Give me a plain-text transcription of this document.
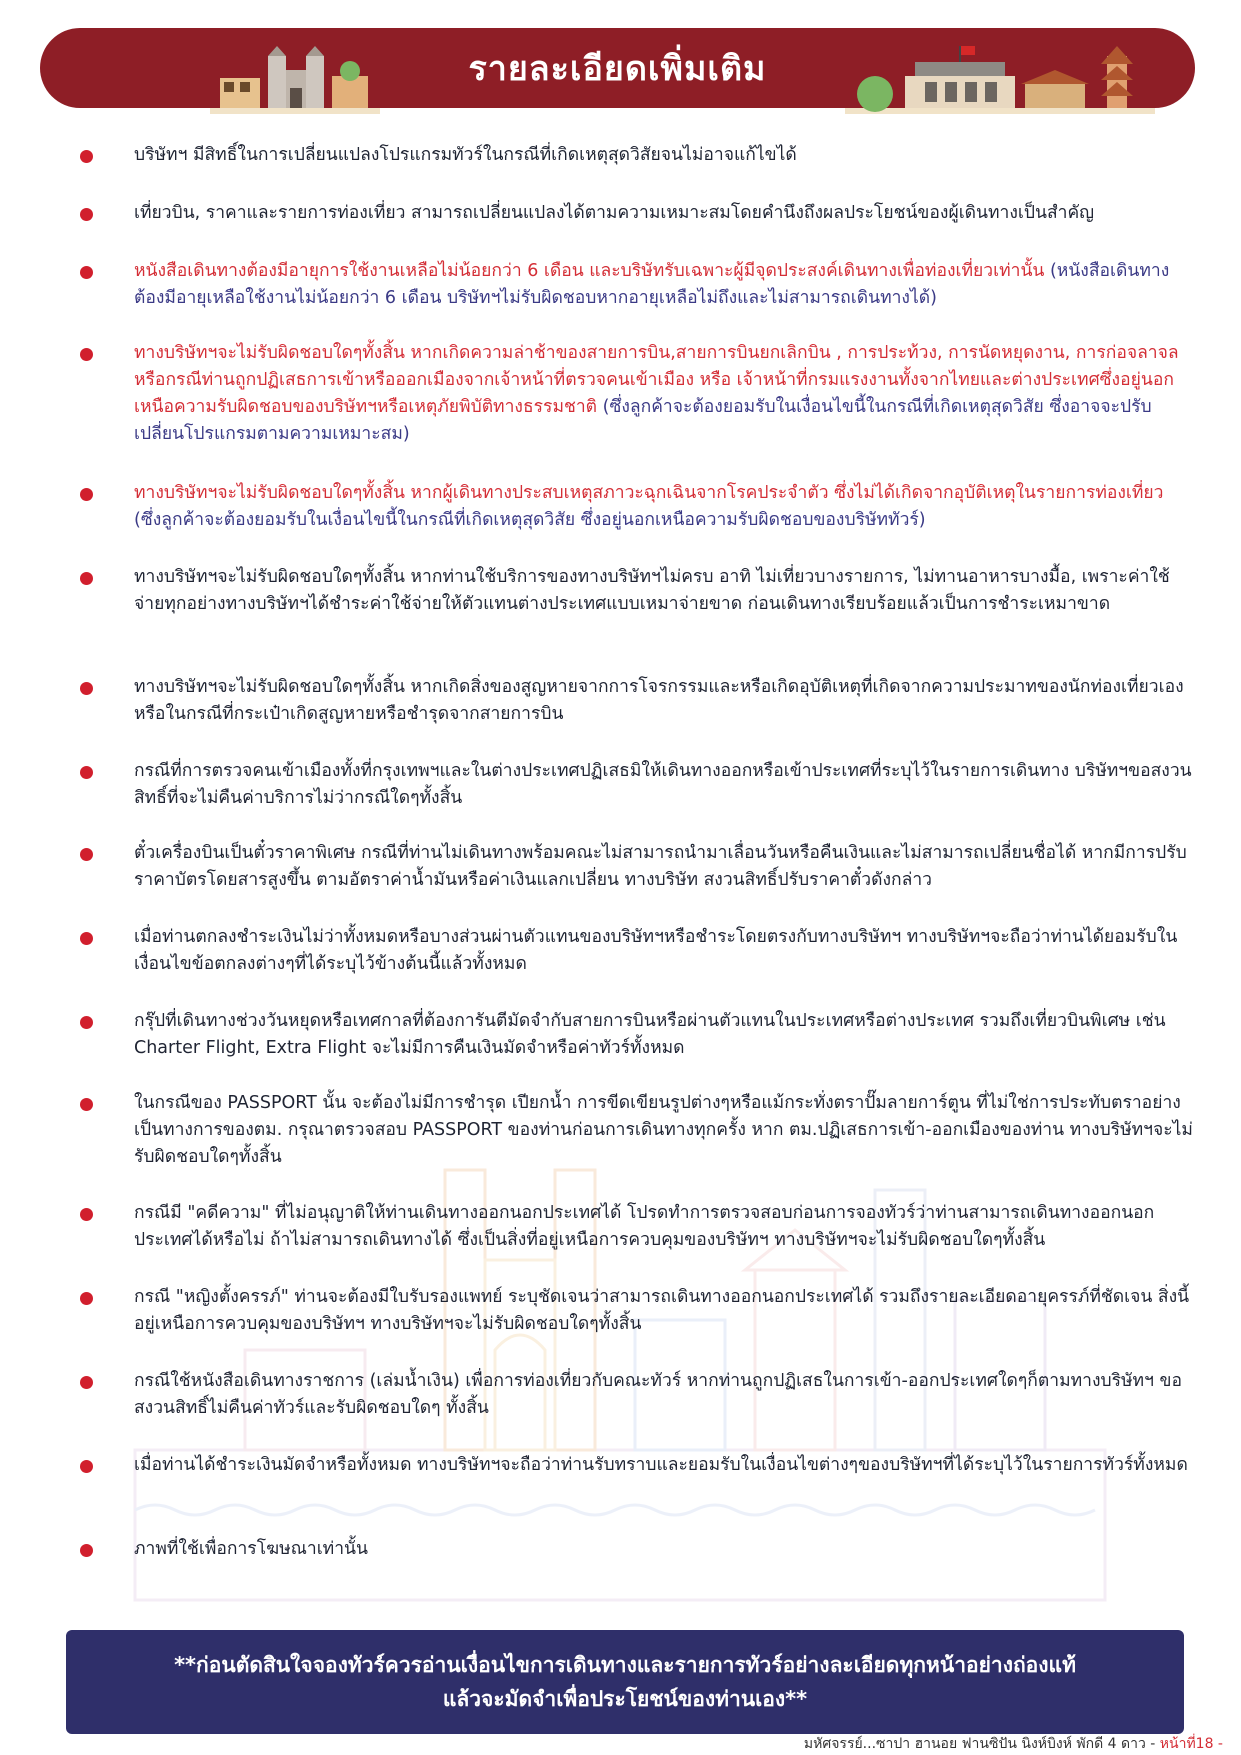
รายละเอียดเพิ่มเติม
บริษัทฯ มีสิทธิ์ในการเปลี่ยนแปลงโปรแกรมทัวร์ในกรณีที่เกิดเหตุสุดวิสัยจนไม่อาจแก้ไขได้
เที่ยวบิน, ราคาและรายการท่องเที่ยว สามารถเปลี่ยนแปลงได้ตามความเหมาะสมโดยคำนึงถึงผลประโยชน์ของผู้เดินทางเป็นสำคัญ
หนังสือเดินทางต้องมีอายุการใช้งานเหลือไม่น้อยกว่า 6 เดือน และบริษัทรับเฉพาะผู้มีจุดประสงค์เดินทางเพื่อท่องเที่ยวเท่านั้น (หนังสือเดินทางต้องมีอายุเหลือใช้งานไม่น้อยกว่า 6 เดือน บริษัทฯไม่รับผิดชอบหากอายุเหลือไม่ถึงและไม่สามารถเดินทางได้)
ทางบริษัทฯจะไม่รับผิดชอบใดๆทั้งสิ้น หากเกิดความล่าช้าของสายการบิน,สายการบินยกเลิกบิน , การประท้วง, การนัดหยุดงาน, การก่อจลาจลหรือกรณีท่านถูกปฏิเสธการเข้าหรือออกเมืองจากเจ้าหน้าที่ตรวจคนเข้าเมือง หรือ เจ้าหน้าที่กรมแรงงานทั้งจากไทยและต่างประเทศซึ่งอยู่นอกเหนือความรับผิดชอบของบริษัทฯหรือเหตุภัยพิบัติทางธรรมชาติ (ซึ่งลูกค้าจะต้องยอมรับในเงื่อนไขนี้ในกรณีที่เกิดเหตุสุดวิสัย ซึ่งอาจจะปรับเปลี่ยนโปรแกรมตามความเหมาะสม)
ทางบริษัทฯจะไม่รับผิดชอบใดๆทั้งสิ้น หากผู้เดินทางประสบเหตุสภาวะฉุกเฉินจากโรคประจำตัว ซึ่งไม่ได้เกิดจากอุบัติเหตุในรายการท่องเที่ยว (ซึ่งลูกค้าจะต้องยอมรับในเงื่อนไขนี้ในกรณีที่เกิดเหตุสุดวิสัย ซึ่งอยู่นอกเหนือความรับผิดชอบของบริษัททัวร์)
ทางบริษัทฯจะไม่รับผิดชอบใดๆทั้งสิ้น หากท่านใช้บริการของทางบริษัทฯไม่ครบ อาทิ ไม่เที่ยวบางรายการ, ไม่ทานอาหารบางมื้อ, เพราะค่าใช้จ่ายทุกอย่างทางบริษัทฯได้ชำระค่าใช้จ่ายให้ตัวแทนต่างประเทศแบบเหมาจ่ายขาด ก่อนเดินทางเรียบร้อยแล้วเป็นการชำระเหมาขาด
ทางบริษัทฯจะไม่รับผิดชอบใดๆทั้งสิ้น หากเกิดสิ่งของสูญหายจากการโจรกรรมและหรือเกิดอุบัติเหตุที่เกิดจากความประมาทของนักท่องเที่ยวเองหรือในกรณีที่กระเป๋าเกิดสูญหายหรือชำรุดจากสายการบิน
กรณีที่การตรวจคนเข้าเมืองทั้งที่กรุงเทพฯและในต่างประเทศปฏิเสธมิให้เดินทางออกหรือเข้าประเทศที่ระบุไว้ในรายการเดินทาง บริษัทฯขอสงวนสิทธิ์ที่จะไม่คืนค่าบริการไม่ว่ากรณีใดๆทั้งสิ้น
ตั๋วเครื่องบินเป็นตั๋วราคาพิเศษ กรณีที่ท่านไม่เดินทางพร้อมคณะไม่สามารถนำมาเลื่อนวันหรือคืนเงินและไม่สามารถเปลี่ยนชื่อได้ หากมีการปรับราคาบัตรโดยสารสูงขึ้น ตามอัตราค่าน้ำมันหรือค่าเงินแลกเปลี่ยน ทางบริษัท สงวนสิทธิ์ปรับราคาตั๋วดังกล่าว
เมื่อท่านตกลงชำระเงินไม่ว่าทั้งหมดหรือบางส่วนผ่านตัวแทนของบริษัทฯหรือชำระโดยตรงกับทางบริษัทฯ ทางบริษัทฯจะถือว่าท่านได้ยอมรับในเงื่อนไขข้อตกลงต่างๆที่ได้ระบุไว้ข้างต้นนี้แล้วทั้งหมด
กรุ๊ปที่เดินทางช่วงวันหยุดหรือเทศกาลที่ต้องการันตีมัดจำกับสายการบินหรือผ่านตัวแทนในประเทศหรือต่างประเทศ รวมถึงเที่ยวบินพิเศษ เช่น Charter Flight, Extra Flight จะไม่มีการคืนเงินมัดจำหรือค่าทัวร์ทั้งหมด
ในกรณีของ PASSPORT นั้น จะต้องไม่มีการชำรุด เปียกน้ำ การขีดเขียนรูปต่างๆหรือแม้กระทั่งตราปั๊มลายการ์ตูน ที่ไม่ใช่การประทับตราอย่างเป็นทางการของตม. กรุณาตรวจสอบ PASSPORT ของท่านก่อนการเดินทางทุกครั้ง หาก ตม.ปฏิเสธการเข้า-ออกเมืองของท่าน ทางบริษัทฯจะไม่รับผิดชอบใดๆทั้งสิ้น
กรณีมี "คดีความ" ที่ไม่อนุญาติให้ท่านเดินทางออกนอกประเทศได้ โปรดทำการตรวจสอบก่อนการจองทัวร์ว่าท่านสามารถเดินทางออกนอกประเทศได้หรือไม่ ถ้าไม่สามารถเดินทางได้ ซึ่งเป็นสิ่งที่อยู่เหนือการควบคุมของบริษัทฯ ทางบริษัทฯจะไม่รับผิดชอบใดๆทั้งสิ้น
กรณี "หญิงตั้งครรภ์" ท่านจะต้องมีใบรับรองแพทย์ ระบุชัดเจนว่าสามารถเดินทางออกนอกประเทศได้ รวมถึงรายละเอียดอายุครรภ์ที่ชัดเจน สิ่งนี้อยู่เหนือการควบคุมของบริษัทฯ ทางบริษัทฯจะไม่รับผิดชอบใดๆทั้งสิ้น
กรณีใช้หนังสือเดินทางราชการ (เล่มน้ำเงิน) เพื่อการท่องเที่ยวกับคณะทัวร์ หากท่านถูกปฏิเสธในการเข้า-ออกประเทศใดๆก็ตามทางบริษัทฯ ขอสงวนสิทธิ์ไม่คืนค่าทัวร์และรับผิดชอบใดๆ ทั้งสิ้น
เมื่อท่านได้ชำระเงินมัดจำหรือทั้งหมด ทางบริษัทฯจะถือว่าท่านรับทราบและยอมรับในเงื่อนไขต่างๆของบริษัทฯที่ได้ระบุไว้ในรายการทัวร์ทั้งหมด
ภาพที่ใช้เพื่อการโฆษณาเท่านั้น
**ก่อนตัดสินใจจองทัวร์ควรอ่านเงื่อนไขการเดินทางและรายการทัวร์อย่างละเอียดทุกหน้าอย่างถ่องแท้
แล้วจะมัดจำเพื่อประโยชน์ของท่านเอง**
มหัศจรรย์...ซาปา ฮานอย ฟานซิปัน นิงห์บิงห์ พักดี 4 ดาว - หน้าที่18 -
